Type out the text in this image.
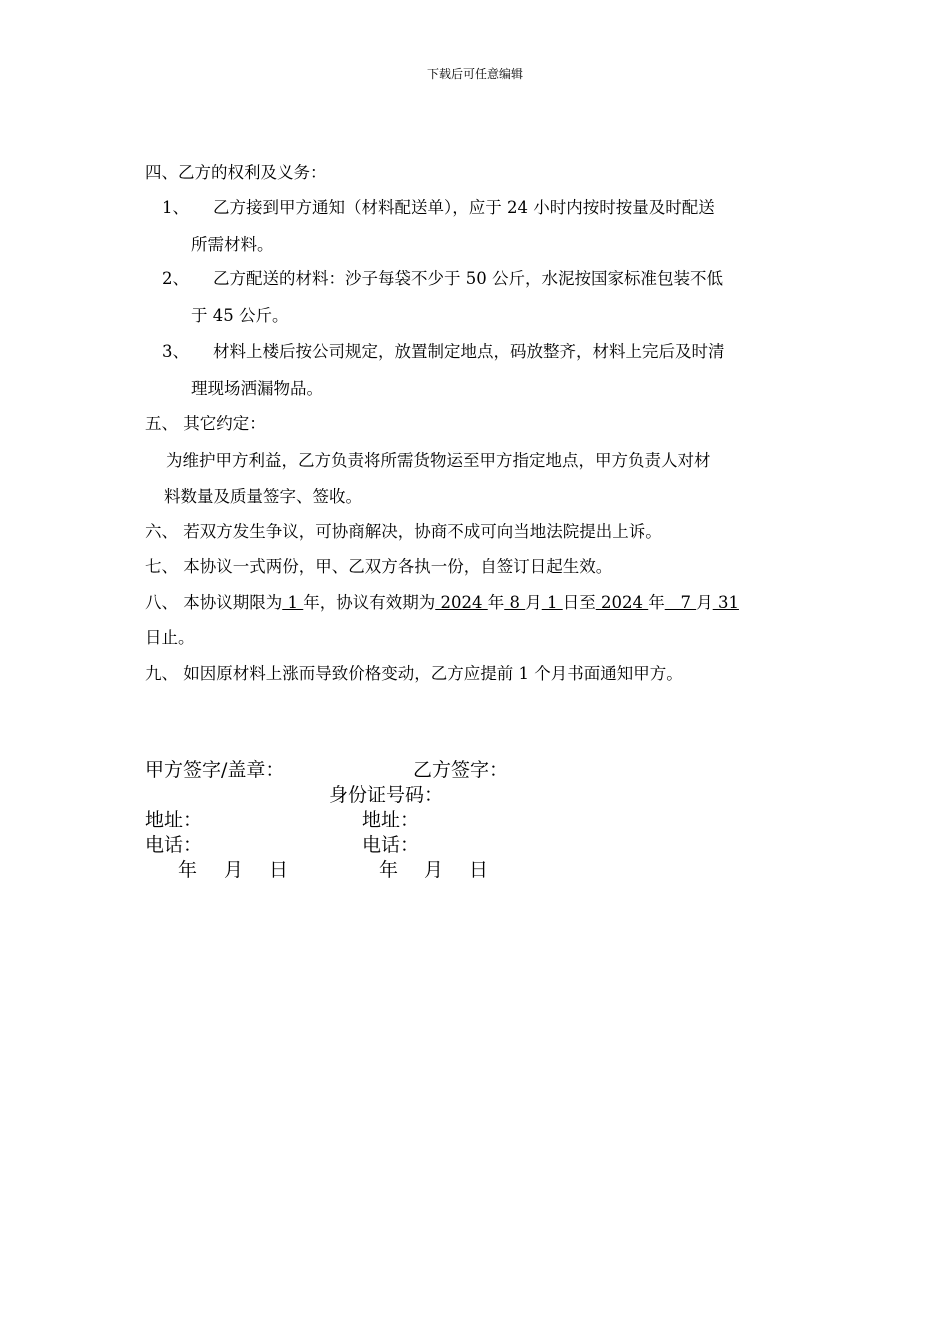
下载后可任意编辑
四、乙方的权利及义务：
1、 乙方接到甲方通知（材料配送单），应于 24 小时内按时按量及时配送
所需材料。
2、 乙方配送的材料：沙子每袋不少于 50 公斤，水泥按国家标准包装不低
于 45 公斤。
3、 材料上楼后按公司规定，放置制定地点，码放整齐，材料上完后及时清
理现场洒漏物品。
五、 其它约定：
为维护甲方利益，乙方负责将所需货物运至甲方指定地点，甲方负责人对材
料数量及质量签字、签收。
六、 若双方发生争议，可协商解决，协商不成可向当地法院提出上诉。
七、 本协议一式两份，甲、乙双方各执一份，自签订日起生效。
八、 本协议期限为 1 年，协议有效期为 2024 年 8 月 1 日至 2024 年   7 月 31
日止。
九、 如因原材料上涨而导致价格变动，乙方应提前 1 个月书面通知甲方。
甲方签字/盖章：	乙方签字：
身份证号码：
地址：	地址：
电话：	电话：
年 月 日	年 月 日
